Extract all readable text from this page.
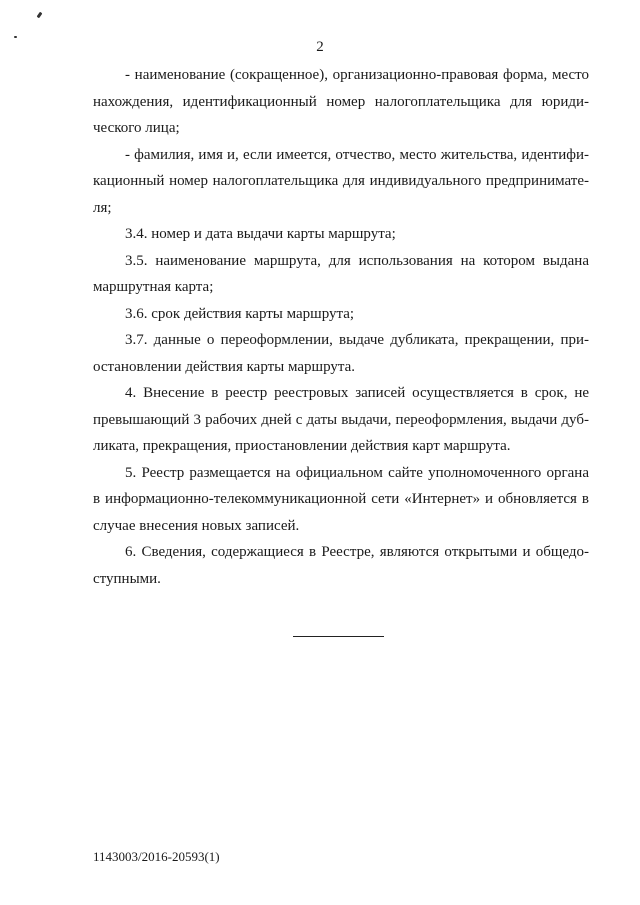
2

- наименование (сокращенное), организационно-правовая форма, место нахождения, идентификационный номер налогоплательщика для юридического лица;

- фамилия, имя и, если имеется, отчество, место жительства, идентификационный номер налогоплательщика для индивидуального предпринимателя;

3.4. номер и дата выдачи карты маршрута;

3.5. наименование маршрута, для использования на котором выдана маршрутная карта;

3.6. срок действия карты маршрута;

3.7. данные о переоформлении, выдаче дубликата, прекращении, приостановлении действия карты маршрута.

4. Внесение в реестр реестровых записей осуществляется в срок, не превышающий 3 рабочих дней с даты выдачи, переоформления, выдачи дубликата, прекращения, приостановлении действия карт маршрута.

5. Реестр размещается на официальном сайте уполномоченного органа в информационно-телекоммуникационной сети «Интернет» и обновляется в случае внесения новых записей.

6. Сведения, содержащиеся в Реестре, являются открытыми и общедоступными.

1143003/2016-20593(1)
